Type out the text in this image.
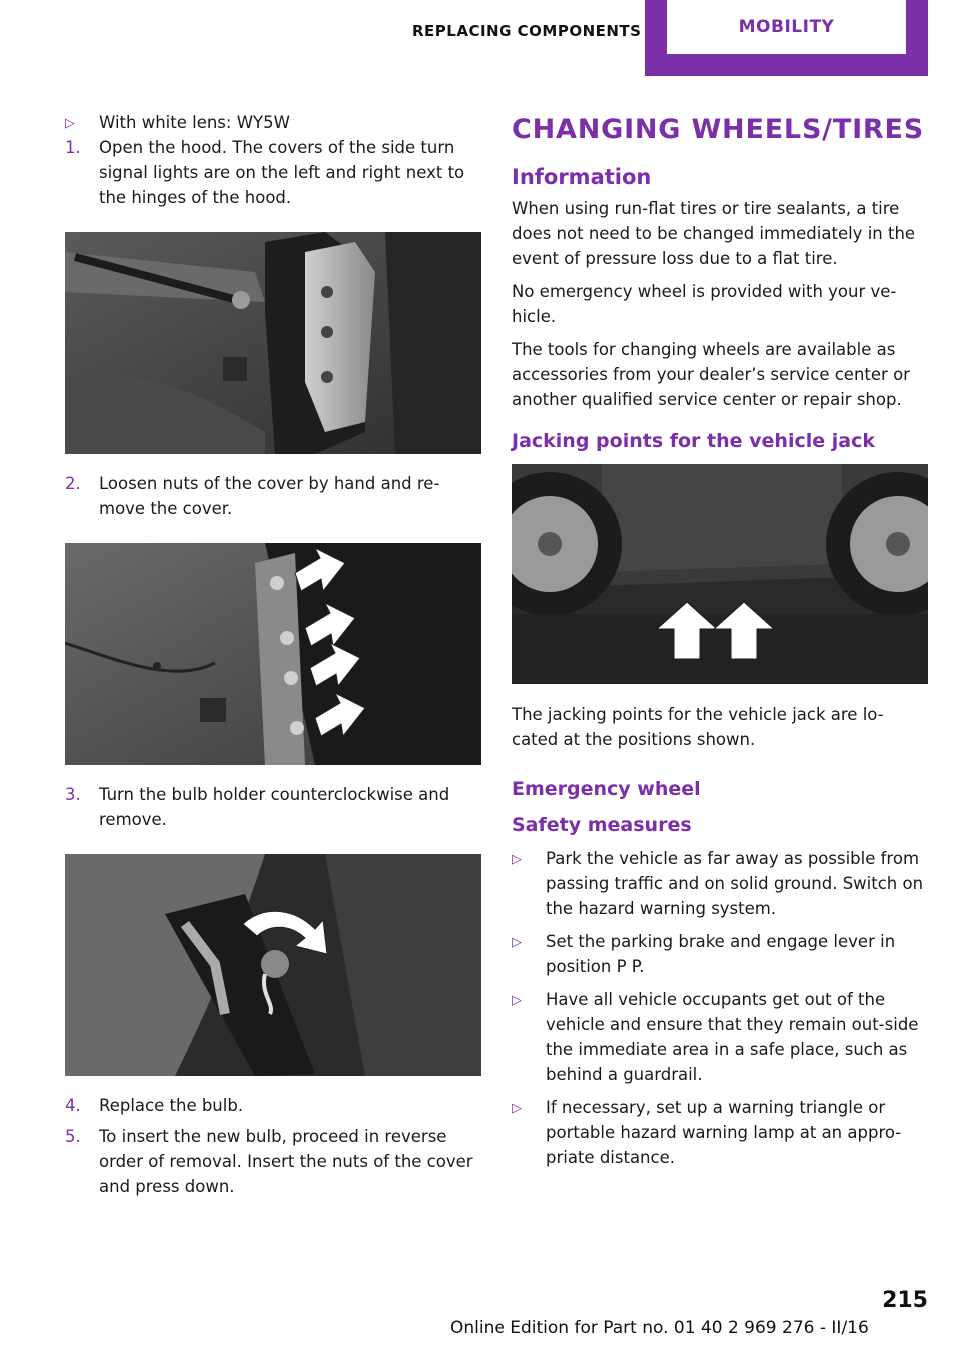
REPLACING COMPONENTS	MOBILITY
▷ With white lens: WY5W
1. Open the hood. The covers of the side turn signal lights are on the left and right next to the hinges of the hood.
2. Loosen nuts of the cover by hand and re-move the cover.
3. Turn the bulb holder counterclockwise and remove.
4. Replace the bulb.
5. To insert the new bulb, proceed in reverse order of removal. Insert the nuts of the cover and press down.
CHANGING WHEELS/TIRES
Information

When using run-flat tires or tire sealants, a tire does not need to be changed immediately in the event of pressure loss due to a flat tire.

No emergency wheel is provided with your ve-hicle.

The tools for changing wheels are available as accessories from your dealer’s service center or another qualified service center or repair shop.

Jacking points for the vehicle jack

The jacking points for the vehicle jack are lo-cated at the positions shown.

Emergency wheel
Safety measures
▷ Park the vehicle as far away as possible from passing traffic and on solid ground. Switch on the hazard warning system.
▷ Set the parking brake and engage lever in position P P.
▷ Have all vehicle occupants get out of the vehicle and ensure that they remain out-side the immediate area in a safe place, such as behind a guardrail.
▷ If necessary, set up a warning triangle or portable hazard warning lamp at an appro-priate distance.
215
Online Edition for Part no. 01 40 2 969 276 - II/16
